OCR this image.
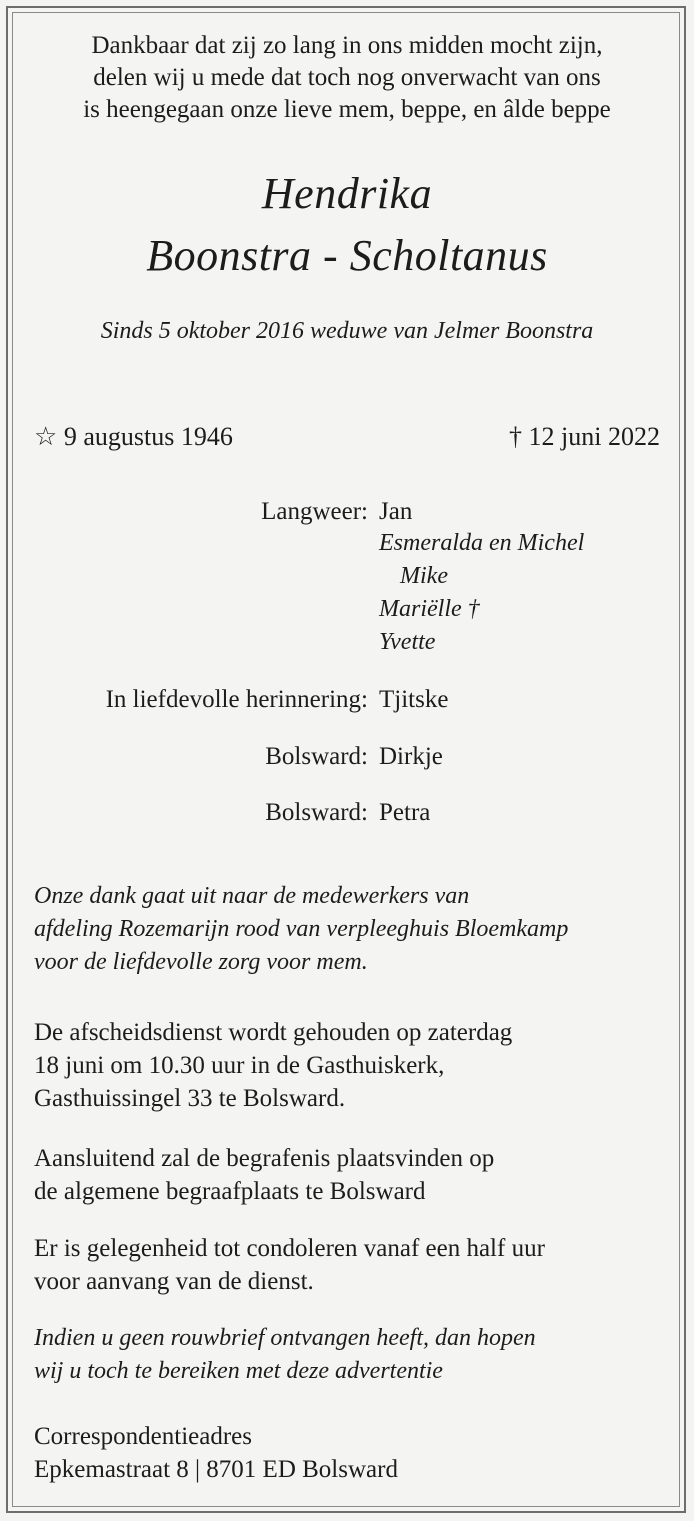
Dankbaar dat zij zo lang in ons midden mocht zijn,
delen wij u mede dat toch nog onverwacht van ons
is heengegaan onze lieve mem, beppe, en âlde beppe
Hendrika
Boonstra - Scholtanus
Sinds 5 oktober 2016 weduwe van Jelmer Boonstra
☆ 9 augustus 1946	† 12 juni 2022
Langweer: Jan
Esmeralda en Michel
Mike
Mariëlle †
Yvette
In liefdevolle herinnering: Tjitske
Bolsward: Dirkje
Bolsward: Petra
Onze dank gaat uit naar de medewerkers van
afdeling Rozemarijn rood van verpleeghuis Bloemkamp
voor de liefdevolle zorg voor mem.
De afscheidsdienst wordt gehouden op zaterdag
18 juni om 10.30 uur in de Gasthuiskerk,
Gasthuissingel 33 te Bolsward.
Aansluitend zal de begrafenis plaatsvinden op
de algemene begraafplaats te Bolsward
Er is gelegenheid tot condoleren vanaf een half uur
voor aanvang van de dienst.
Indien u geen rouwbrief ontvangen heeft, dan hopen
wij u toch te bereiken met deze advertentie
Correspondentieadres
Epkemastraat 8 | 8701 ED Bolsward
